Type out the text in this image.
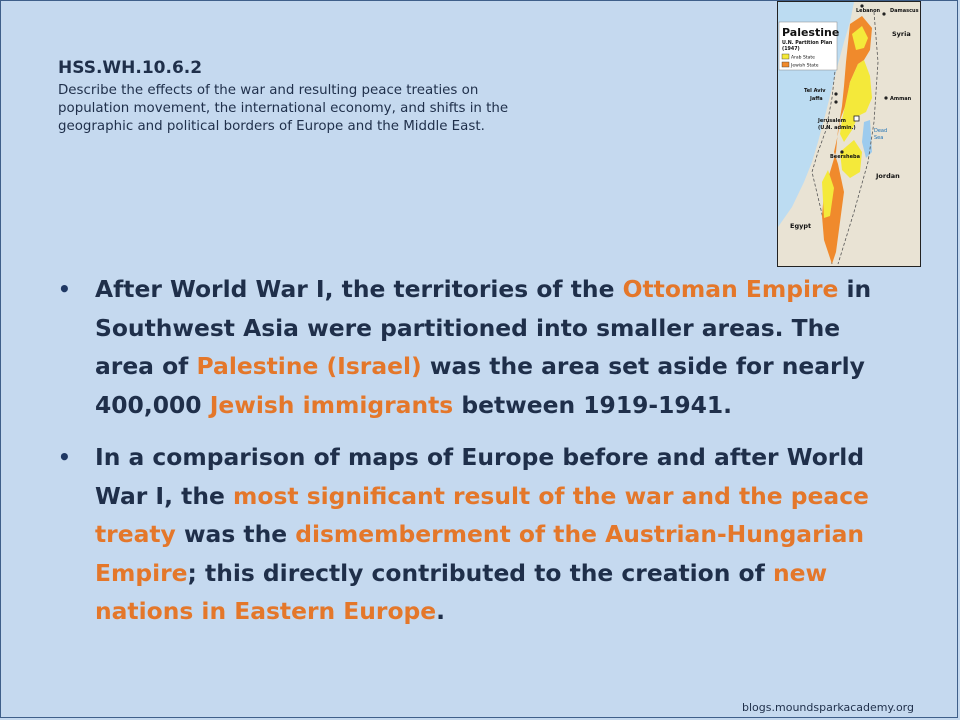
HSS.WH.10.6.2
Describe the effects of the war and resulting peace treaties on population movement, the international economy, and shifts in the geographic and political borders of Europe and the Middle East.
Palestine
U.N. Partition Plan
(1947)
Arab State
Jewish State
Lebanon Damascus
Syria
Tel Aviv
Jaffa	Amman
Jerusalem
(U.N. admin.)	Dead
Sea
Beersheba
Jordan
Egypt
• After World War I, the territories of the Ottoman Empire in Southwest Asia were partitioned into smaller areas. The area of Palestine (Israel) was the area set aside for nearly 400,000 Jewish immigrants between 1919-1941.
• In a comparison of maps of Europe before and after World War I, the most significant result of the war and the peace treaty was the dismemberment of the Austrian-Hungarian Empire; this directly contributed to the creation of new nations in Eastern Europe.
blogs.moundsparkacademy.org
